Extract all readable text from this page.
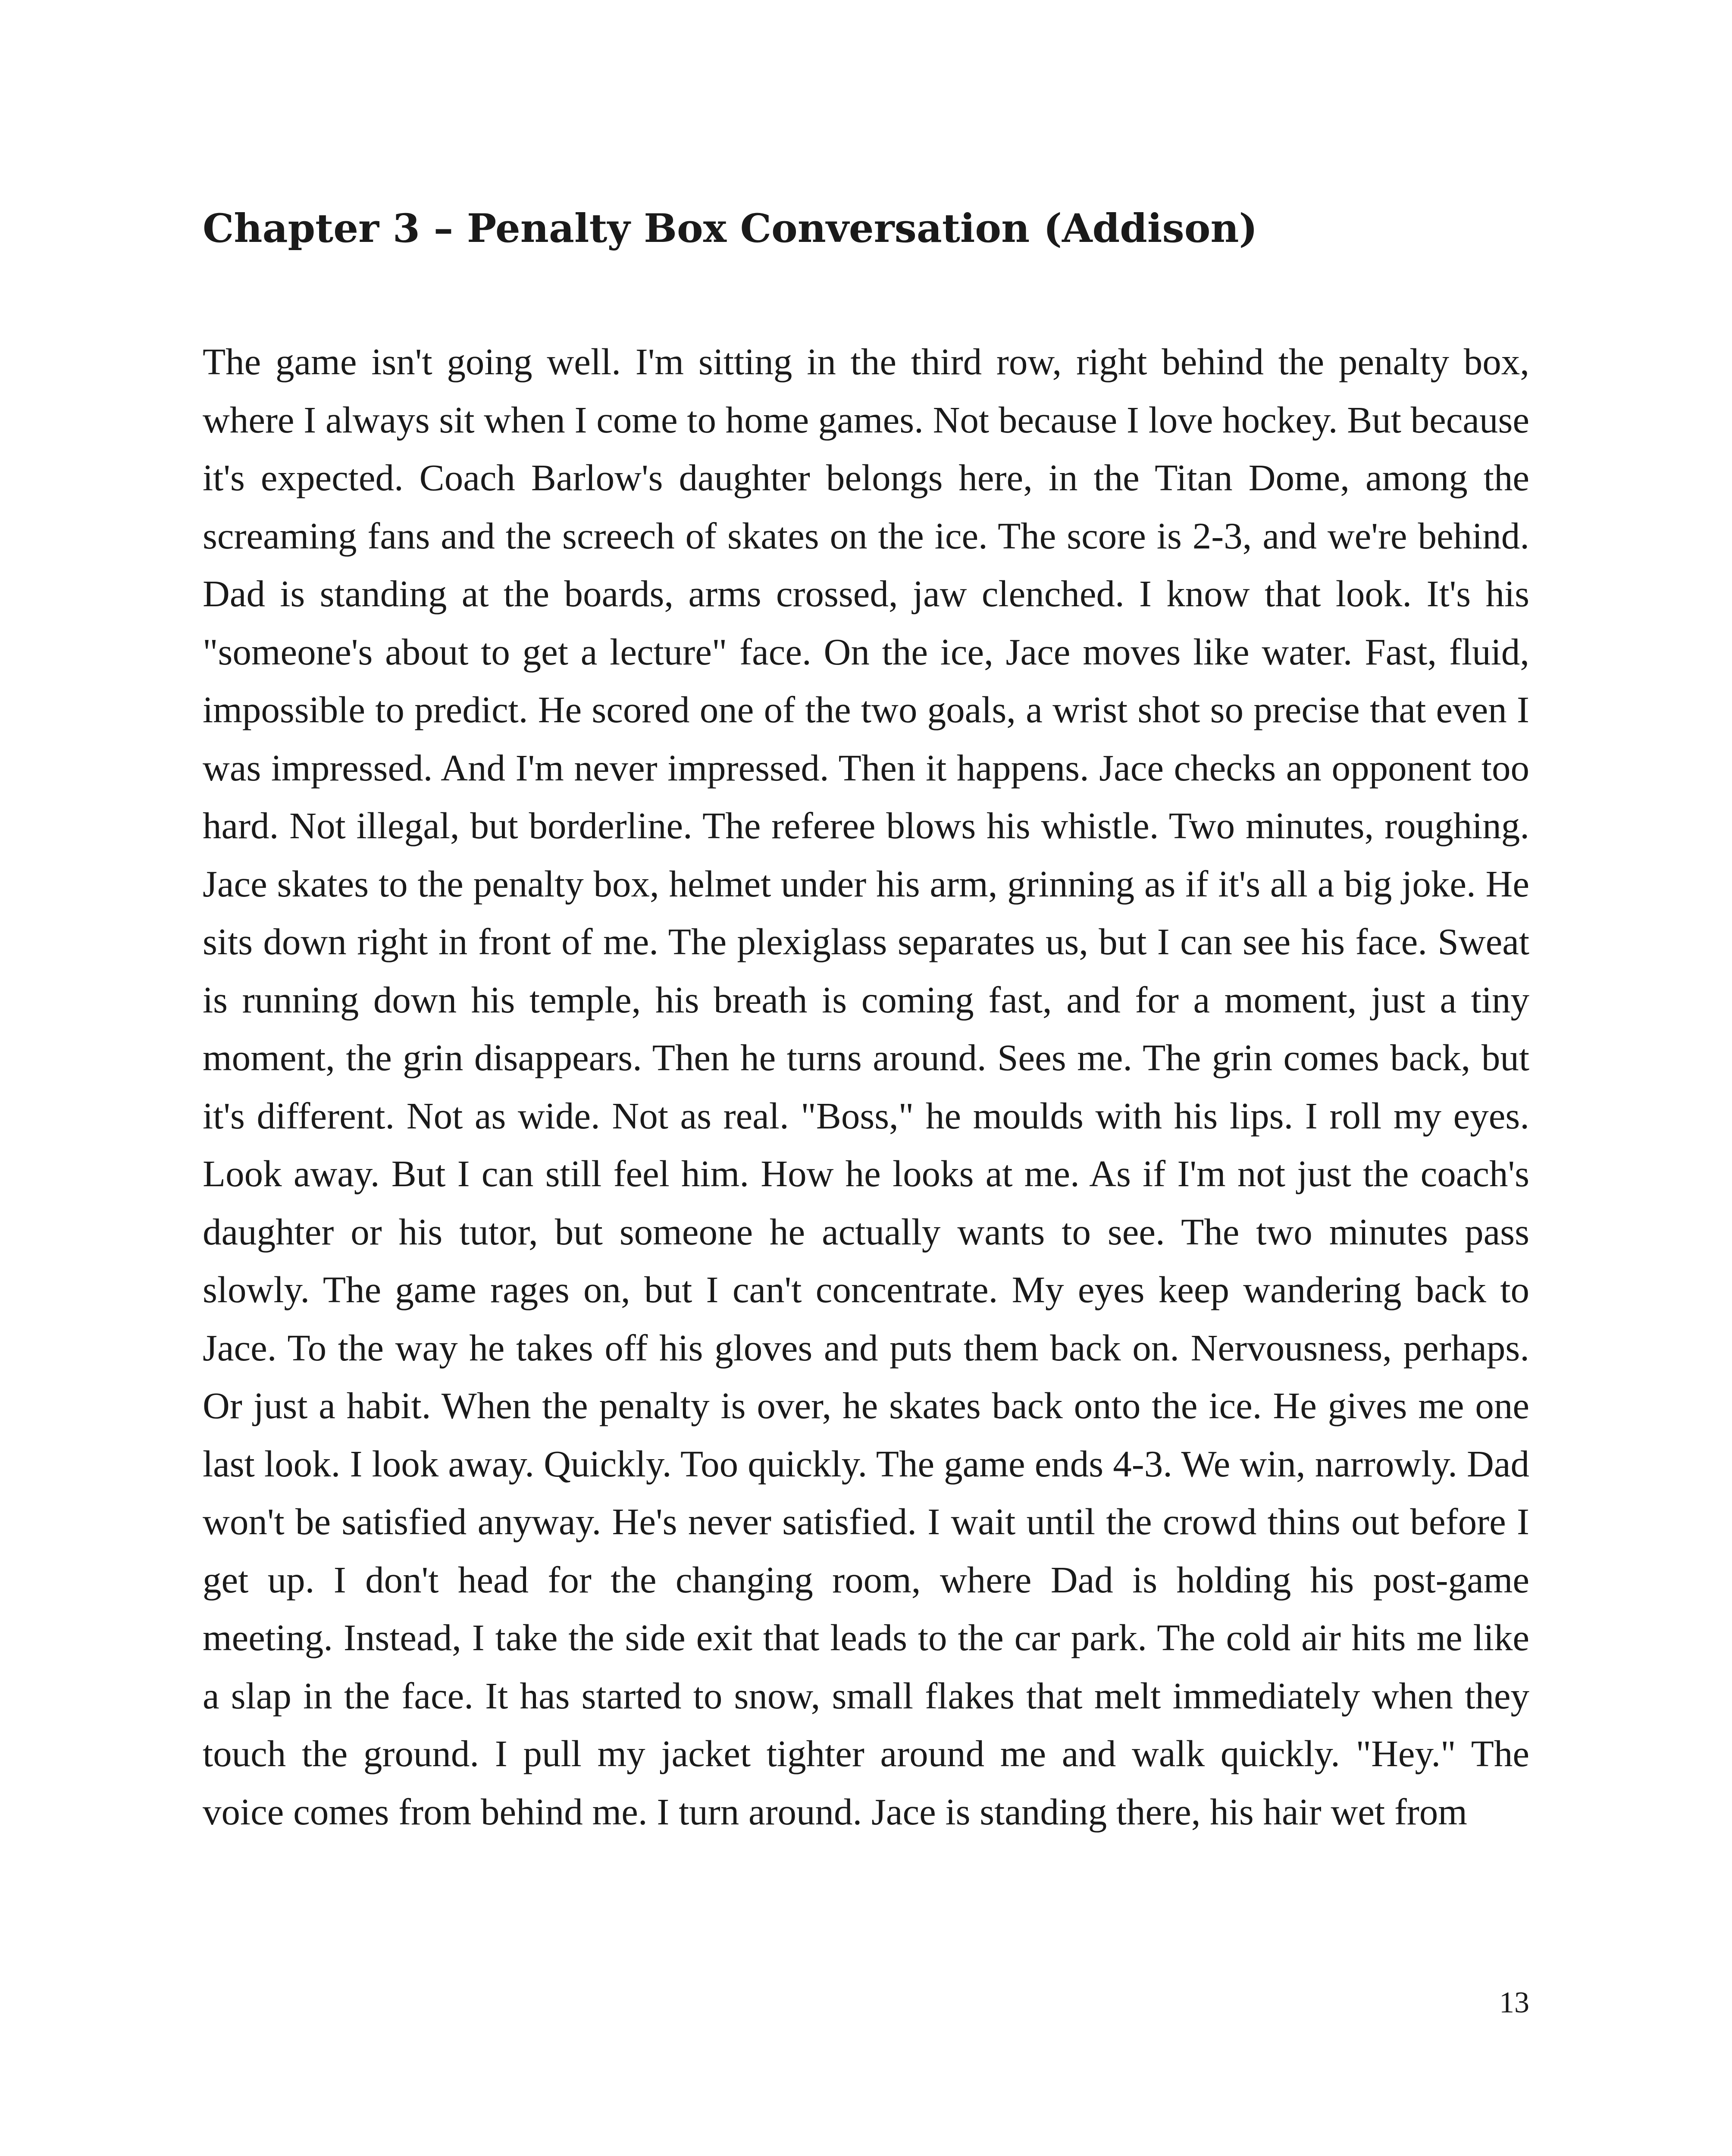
Chapter 3 – Penalty Box Conversation (Addison)

The game isn't going well. I'm sitting in the third row, right behind the penalty box, where I always sit when I come to home games. Not because I love hockey. But because it's expected. Coach Barlow's daughter belongs here, in the Titan Dome, among the screaming fans and the screech of skates on the ice. The score is 2-3, and we're behind. Dad is standing at the boards, arms crossed, jaw clenched. I know that look. It's his "someone's about to get a lecture" face. On the ice, Jace moves like water. Fast, fluid, impossible to predict. He scored one of the two goals, a wrist shot so precise that even I was impressed. And I'm never impressed. Then it happens. Jace checks an opponent too hard. Not illegal, but borderline. The referee blows his whistle. Two minutes, roughing. Jace skates to the penalty box, helmet under his arm, grinning as if it's all a big joke. He sits down right in front of me. The plexiglass separates us, but I can see his face. Sweat is running down his temple, his breath is coming fast, and for a moment, just a tiny moment, the grin disappears. Then he turns around. Sees me. The grin comes back, but it's different. Not as wide. Not as real. "Boss," he moulds with his lips. I roll my eyes. Look away. But I can still feel him. How he looks at me. As if I'm not just the coach's daughter or his tutor, but someone he actually wants to see. The two minutes pass slowly. The game rages on, but I can't concentrate. My eyes keep wandering back to Jace. To the way he takes off his gloves and puts them back on. Nervousness, perhaps. Or just a habit. When the penalty is over, he skates back onto the ice. He gives me one last look. I look away. Quickly. Too quickly. The game ends 4-3. We win, narrowly. Dad won't be satisfied anyway. He's never satisfied. I wait until the crowd thins out before I get up. I don't head for the changing room, where Dad is holding his post-game meeting. Instead, I take the side exit that leads to the car park. The cold air hits me like a slap in the face. It has started to snow, small flakes that melt immediately when they touch the ground. I pull my jacket tighter around me and walk quickly. "Hey." The voice comes from behind me. I turn around. Jace is standing there, his hair wet from

13
